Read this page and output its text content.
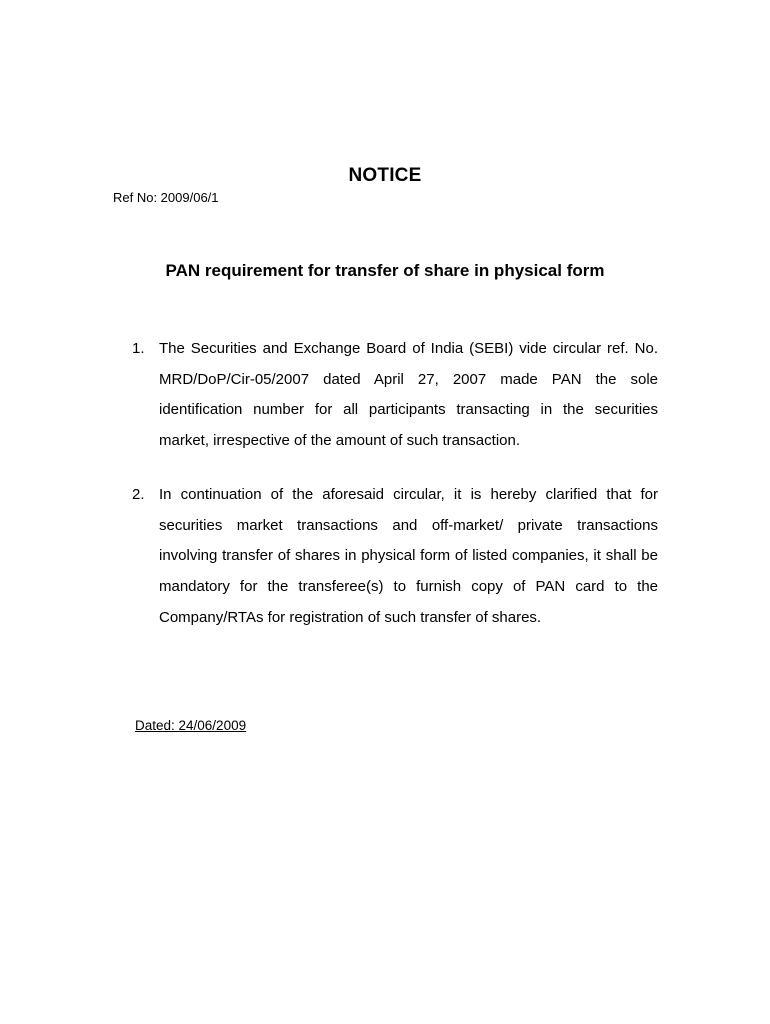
NOTICE
Ref No: 2009/06/1
PAN requirement for transfer of share in physical form
1. The Securities and Exchange Board of India (SEBI) vide circular ref. No. MRD/DoP/Cir-05/2007 dated April 27, 2007 made PAN the sole identification number for all participants transacting in the securities market, irrespective of the amount of such transaction.
2. In continuation of the aforesaid circular, it is hereby clarified that for securities market transactions and off-market/ private transactions involving transfer of shares in physical form of listed companies, it shall be mandatory for the transferee(s) to furnish copy of PAN card to the Company/RTAs for registration of such transfer of shares.
Dated: 24/06/2009
